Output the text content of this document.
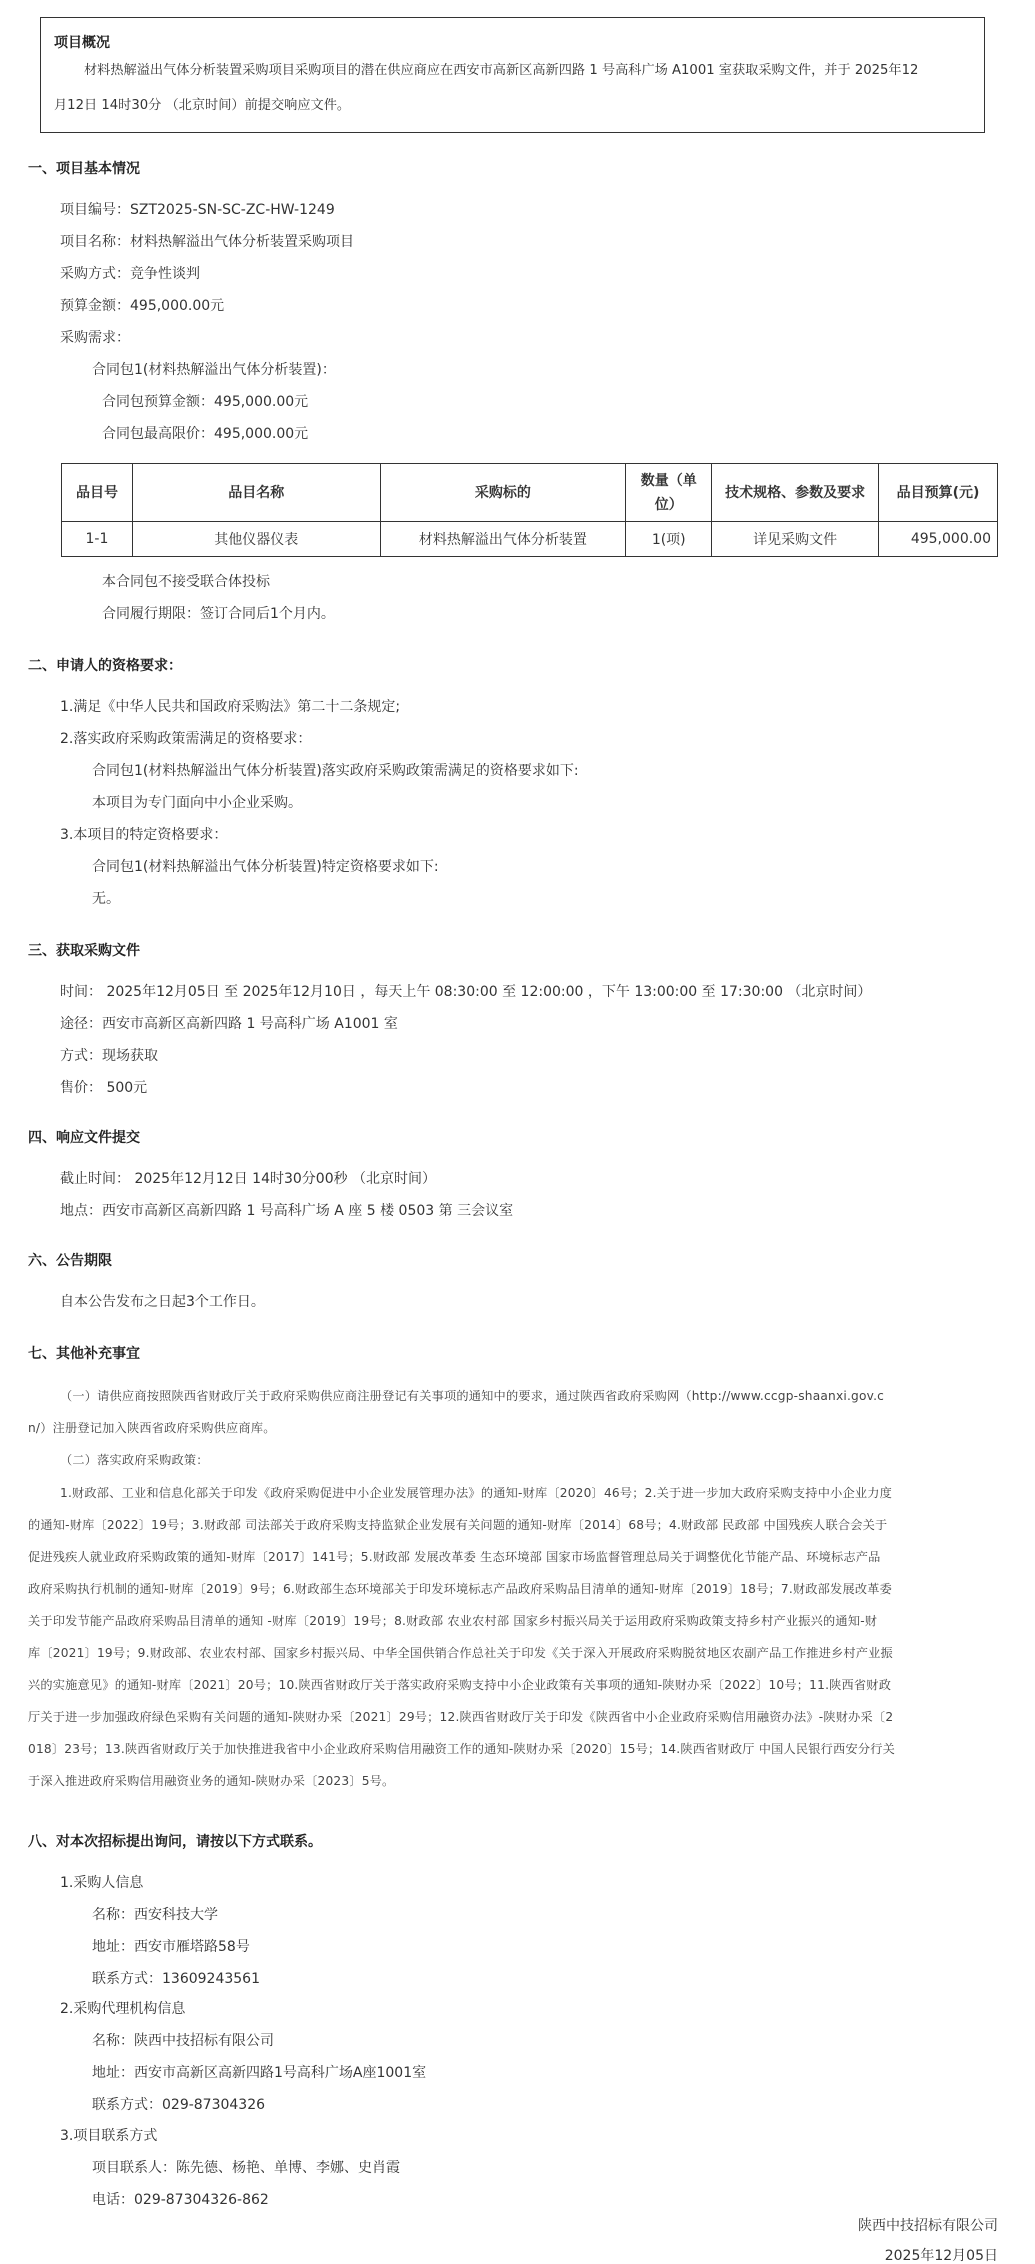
项目概况
材料热解溢出气体分析装置采购项目采购项目的潜在供应商应在西安市高新区高新四路 1 号高科广场 A1001 室获取采购文件，并于 2025年12
月12日 14时30分 （北京时间）前提交响应文件。
一、项目基本情况
项目编号：SZT2025-SN-SC-ZC-HW-1249
项目名称：材料热解溢出气体分析装置采购项目
采购方式：竞争性谈判
预算金额：495,000.00元
采购需求：
合同包1(材料热解溢出气体分析装置)：
合同包预算金额：495,000.00元
合同包最高限价：495,000.00元
品目号	品目名称	采购标的	数量（单位）	技术规格、参数及要求	品目预算(元)
1-1	其他仪器仪表	材料热解溢出气体分析装置	1(项)	详见采购文件	495,000.00
本合同包不接受联合体投标
合同履行期限：签订合同后1个月内。
二、申请人的资格要求：
1.满足《中华人民共和国政府采购法》第二十二条规定;
2.落实政府采购政策需满足的资格要求：
合同包1(材料热解溢出气体分析装置)落实政府采购政策需满足的资格要求如下:
本项目为专门面向中小企业采购。
3.本项目的特定资格要求：
合同包1(材料热解溢出气体分析装置)特定资格要求如下:
无。
三、获取采购文件
时间： 2025年12月05日 至 2025年12月10日 ，每天上午 08:30:00 至 12:00:00 ，下午 13:00:00 至 17:30:00 （北京时间）
途径：西安市高新区高新四路 1 号高科广场 A1001 室
方式：现场获取
售价： 500元
四、响应文件提交
截止时间： 2025年12月12日 14时30分00秒 （北京时间）
地点：西安市高新区高新四路 1 号高科广场 A 座 5 楼 0503 第 三会议室
六、公告期限
自本公告发布之日起3个工作日。
七、其他补充事宜
（一）请供应商按照陕西省财政厅关于政府采购供应商注册登记有关事项的通知中的要求，通过陕西省政府采购网（http://www.ccgp-shaanxi.gov.c
n/）注册登记加入陕西省政府采购供应商库。
（二）落实政府采购政策：
1.财政部、工业和信息化部关于印发《政府采购促进中小企业发展管理办法》的通知-财库〔2020〕46号；2.关于进一步加大政府采购支持中小企业力度
的通知-财库〔2022〕19号；3.财政部 司法部关于政府采购支持监狱企业发展有关问题的通知-财库〔2014〕68号；4.财政部 民政部 中国残疾人联合会关于
促进残疾人就业政府采购政策的通知-财库〔2017〕141号；5.财政部 发展改革委 生态环境部 国家市场监督管理总局关于调整优化节能产品、环境标志产品
政府采购执行机制的通知-财库〔2019〕9号；6.财政部生态环境部关于印发环境标志产品政府采购品目清单的通知-财库〔2019〕18号；7.财政部发展改革委
关于印发节能产品政府采购品目清单的通知 -财库〔2019〕19号；8.财政部 农业农村部 国家乡村振兴局关于运用政府采购政策支持乡村产业振兴的通知-财
库〔2021〕19号；9.财政部、农业农村部、国家乡村振兴局、中华全国供销合作总社关于印发《关于深入开展政府采购脱贫地区农副产品工作推进乡村产业振
兴的实施意见》的通知-财库〔2021〕20号；10.陕西省财政厅关于落实政府采购支持中小企业政策有关事项的通知-陕财办采〔2022〕10号；11.陕西省财政
厅关于进一步加强政府绿色采购有关问题的通知-陕财办采〔2021〕29号；12.陕西省财政厅关于印发《陕西省中小企业政府采购信用融资办法》-陕财办采〔2
018〕23号；13.陕西省财政厅关于加快推进我省中小企业政府采购信用融资工作的通知-陕财办采〔2020〕15号；14.陕西省财政厅 中国人民银行西安分行关
于深入推进政府采购信用融资业务的通知-陕财办采〔2023〕5号。
八、对本次招标提出询问，请按以下方式联系。
1.采购人信息
名称：西安科技大学
地址：西安市雁塔路58号
联系方式：13609243561
2.采购代理机构信息
名称：陕西中技招标有限公司
地址：西安市高新区高新四路1号高科广场A座1001室
联系方式：029-87304326
3.项目联系方式
项目联系人：陈先德、杨艳、单博、李娜、史肖霞
电话：029-87304326-862
陕西中技招标有限公司
2025年12月05日
